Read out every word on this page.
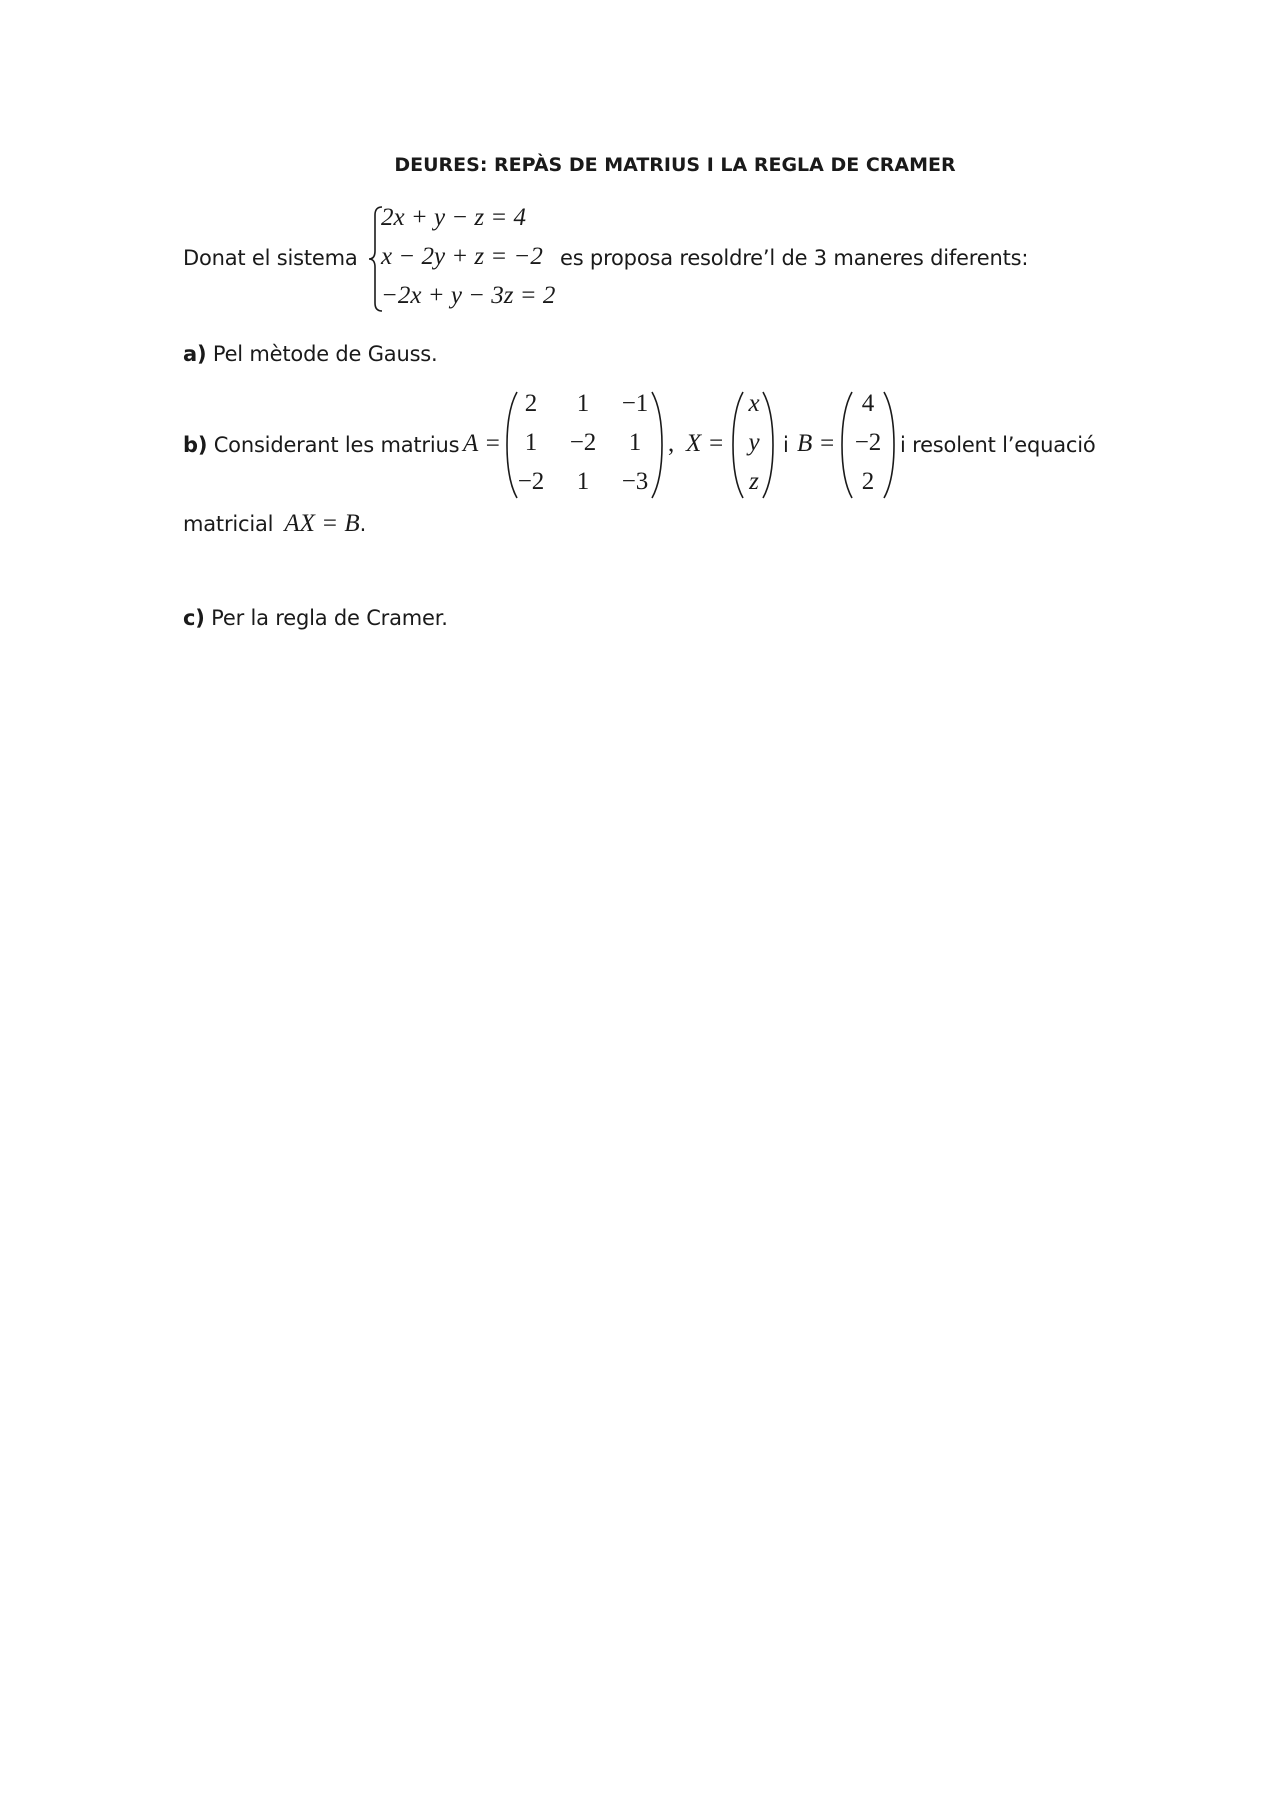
DEURES: REPÀS DE MATRIUS I LA REGLA DE CRAMER
Donat el sistema
2x + y − z = 4
x − 2y + z = −2
−2x + y − 3z = 2
es proposa resoldre’l de 3 maneres diferents:
a) Pel mètode de Gauss.
b) Considerant les matrius A =
2	1	−1
1	−2	1
−2	1	−3
, X =
x
y
z
i B =
4
−2
2
i resolent l’equació
matricial AX = B.
c) Per la regla de Cramer.
